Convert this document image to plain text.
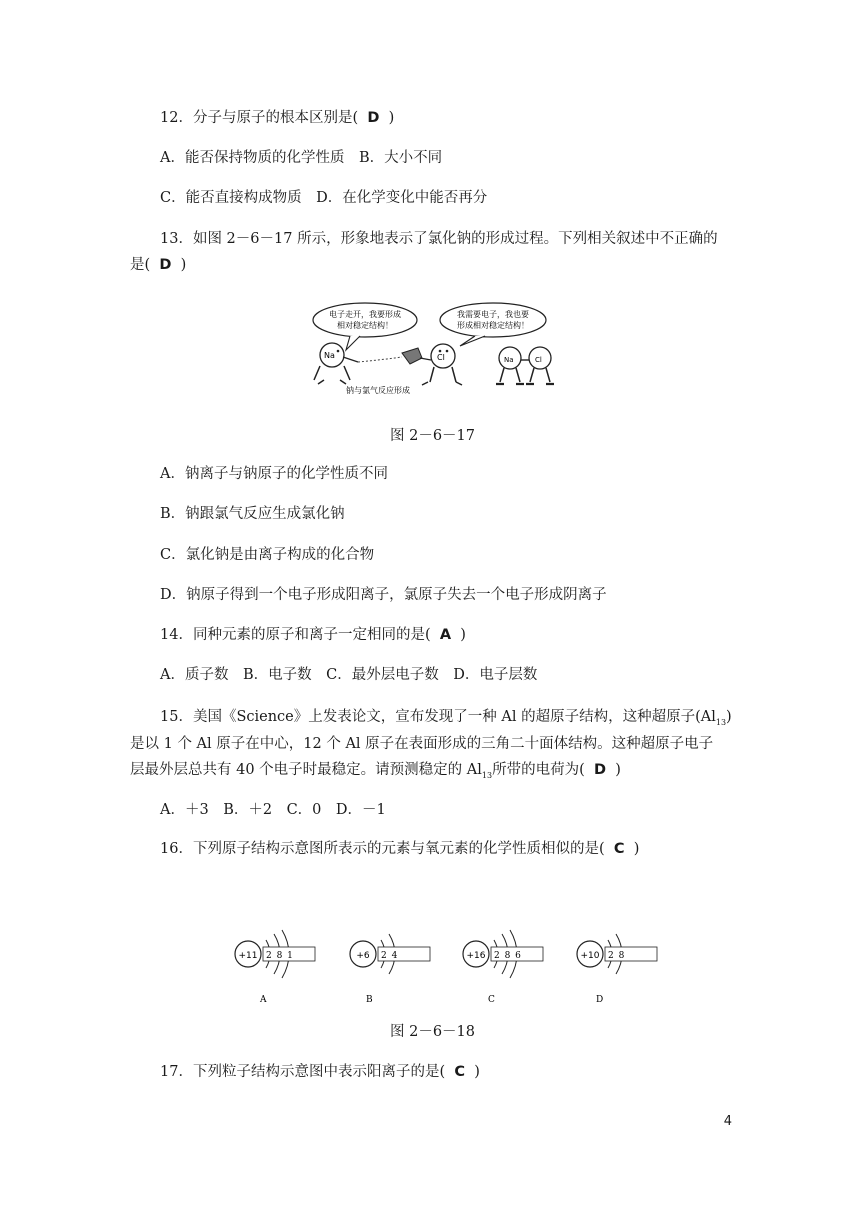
12．分子与原子的根本区别是( D )
A．能否保持物质的化学性质　B．大小不同
C．能否直接构成物质　D．在化学变化中能否再分
13．如图 2－6－17 所示，形象地表示了氯化钠的形成过程。下列相关叙述中不正确的
是( D )
电子走开，我要形成
相对稳定结构！
我需要电子，我也要
形成相对稳定结构！
Na	Cl	Na	Cl
钠与氯气反应形成
图 2－6－17
A．钠离子与钠原子的化学性质不同
B．钠跟氯气反应生成氯化钠
C．氯化钠是由离子构成的化合物
D．钠原子得到一个电子形成阳离子，氯原子失去一个电子形成阴离子
14．同种元素的原子和离子一定相同的是( A )
A．质子数　B．电子数　C．最外层电子数　D．电子层数
15．美国《Science》上发表论文，宣布发现了一种 Al 的超原子结构，这种超原子$(Al_{13})$
是以 1 个 Al 原子在中心，12 个 Al 原子在表面形成的三角二十面体结构。这种超原子电子
层最外层总共有 40 个电子时最稳定。请预测稳定的 $Al_{13}$所带的电荷为( D )
A．＋3　B．＋2　C．0　D．－1
16．下列原子结构示意图所表示的元素与氧元素的化学性质相似的是( C )
+11 2 8 1
A
+6 2 4
B
+16 2 8 6
C
+10 2 8
D
图 2－6－18
17．下列粒子结构示意图中表示阳离子的是( C )
4
